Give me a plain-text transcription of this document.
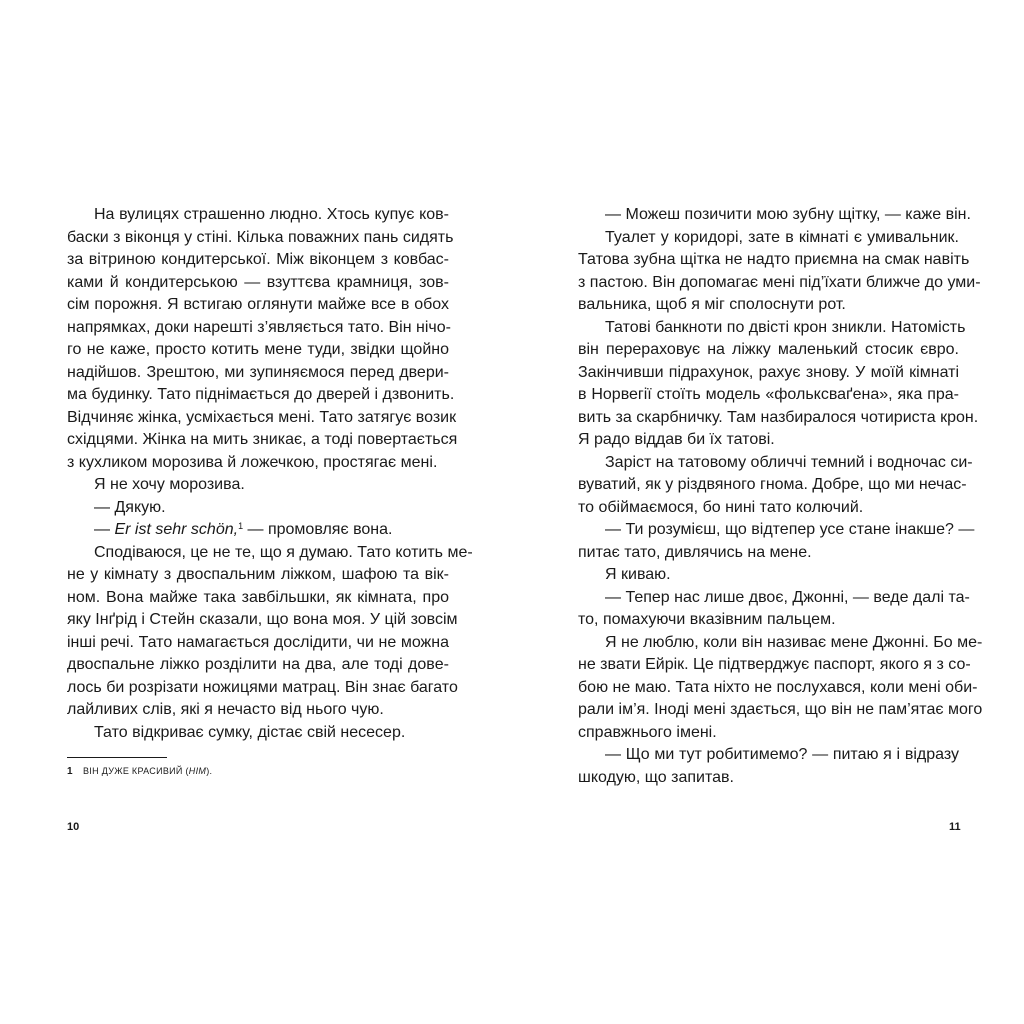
На вулицях страшенно людно. Хтось купує ков-
баски з віконця у стіні. Кілька поважних пань сидять
за вітриною кондитерської. Між віконцем з ковбас-
ками й кондитерською — взуттєва крамниця, зов-
сім порожня. Я встигаю оглянути майже все в обох
напрямках, доки нарешті з’являється тато. Він нічо-
го не каже, просто котить мене туди, звідки щойно
надійшов. Зрештою, ми зупиняємося перед двери-
ма будинку. Тато піднімається до дверей і дзвонить.
Відчиняє жінка, усміхається мені. Тато затягує возик
східцями. Жінка на мить зникає, а тоді повертається
з кухликом морозива й ложечкою, простягає мені.
Я не хочу морозива.
— Дякую.
— Er ist sehr schön,$^1$ — промовляє вона.
Сподіваюся, це не те, що я думаю. Тато котить ме-
не у кімнату з двоспальним ліжком, шафою та вік-
ном. Вона майже така завбільшки, як кімната, про
яку Інґрід і Стейн сказали, що вона моя. У цій зовсім
інші речі. Тато намагається дослідити, чи не можна
двоспальне ліжко розділити на два, але тоді довe-
лось би розрізати ножицями матрац. Він знає багато
лайливих слів, які я нечасто від нього чую.
Тато відкриває сумку, дістає свій несесер.
1 ВІН ДУЖЕ КРАСИВИЙ (НІМ).
10
— Можеш позичити мою зубну щітку, — каже він.
Туалет у коридорі, зате в кімнаті є умивальник.
Татова зубна щітка не надто приємна на смак навіть
з пастою. Він допомагає мені під’їхати ближче до уми-
вальника, щоб я міг сполоснути рот.
Татові банкноти по двісті крон зникли. Натомість
він перераховує на ліжку маленький стосик євро.
Закінчивши підрахунок, рахує знову. У моїй кімнаті
в Норвегії стоїть модель «фольксваґена», яка пра-
вить за скарбничку. Там назбиралося чотириста крон.
Я радо віддав би їх татові.
Заріст на татовому обличчі темний і водночас си-
вуватий, як у різдвяного гнома. Добре, що ми нечас-
то обіймаємося, бо нині тато колючий.
— Ти розумієш, що відтепер усе стане інакше? —
питає тато, дивлячись на мене.
Я киваю.
— Тепер нас лише двоє, Джонні, — веде далі та-
то, помахуючи вказівним пальцем.
Я не люблю, коли він називає мене Джонні. Бо ме-
не звати Ейрік. Це підтверджує паспорт, якого я з со-
бою не маю. Тата ніхто не послухався, коли мені оби-
рали ім’я. Іноді мені здається, що він не пам’ятає мого
справжнього імені.
— Що ми тут робитимемо? — питаю я і відразу
шкодую, що запитав.
11
